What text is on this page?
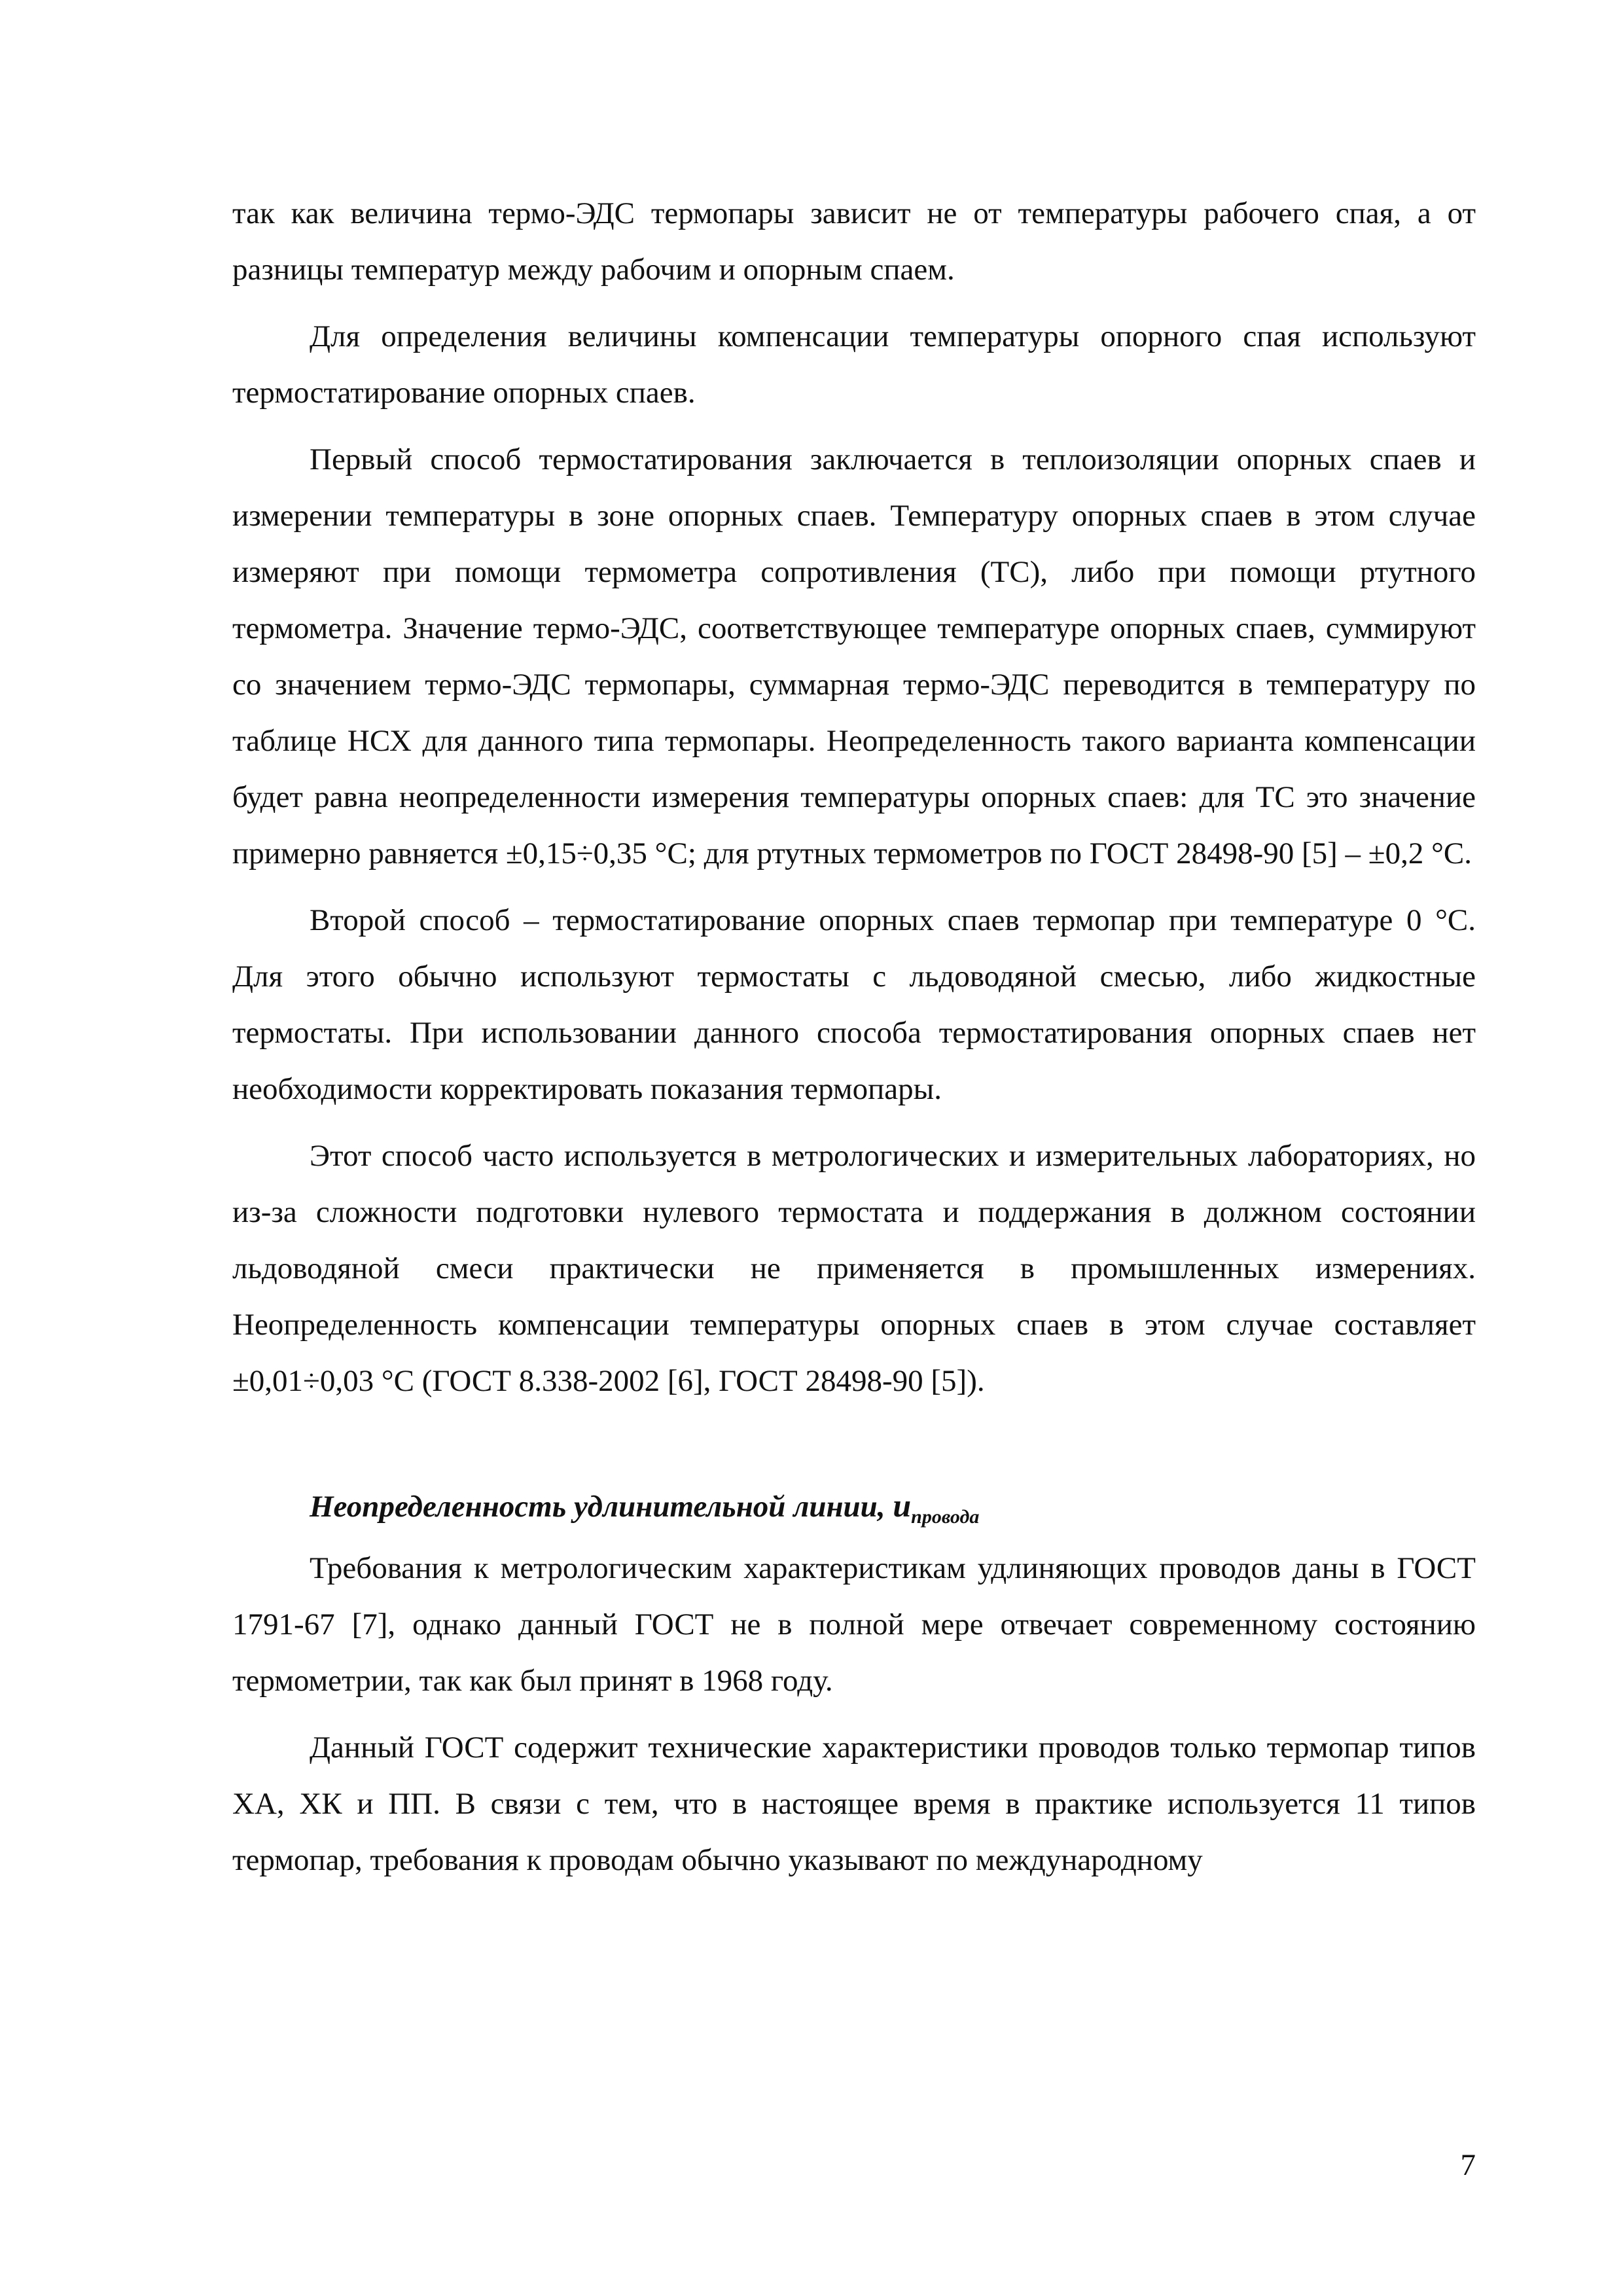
так как величина термо-ЭДС термопары зависит не от температуры рабочего спая, а от разницы температур между рабочим и опорным спаем.

Для определения величины компенсации температуры опорного спая используют термостатирование опорных спаев.

Первый способ термостатирования заключается в теплоизоляции опорных спаев и измерении температуры в зоне опорных спаев. Температуру опорных спаев в этом случае измеряют при помощи термометра сопротивления (ТС), либо при помощи ртутного термометра. Значение термо-ЭДС, соответствующее температуре опорных спаев, суммируют со значением термо-ЭДС термопары, суммарная термо-ЭДС переводится в температуру по таблице НСХ для данного типа термопары. Неопределенность такого варианта компенсации будет равна неопределенности измерения температуры опорных спаев: для ТС это значение примерно равняется ±0,15÷0,35 °С; для ртутных термометров по ГОСТ 28498-90 [5] – ±0,2 °С.

Второй способ – термостатирование опорных спаев термопар при температуре 0 °С. Для этого обычно используют термостаты с льдоводяной смесью, либо жидкостные термостаты. При использовании данного способа термостатирования опорных спаев нет необходимости корректировать показания термопары.

Этот способ часто используется в метрологических и измерительных лабораториях, но из-за сложности подготовки нулевого термостата и поддержания в должном состоянии льдоводяной смеси практически не применяется в промышленных измерениях. Неопределенность компенсации температуры опорных спаев в этом случае составляет ±0,01÷0,03 °С (ГОСТ 8.338-2002 [6], ГОСТ 28498-90 [5]).

Неопределенность удлинительной линии, $u_{провода}$

Требования к метрологическим характеристикам удлиняющих проводов даны в ГОСТ 1791-67 [7], однако данный ГОСТ не в полной мере отвечает современному состоянию термометрии, так как был принят в 1968 году.

Данный ГОСТ содержит технические характеристики проводов только термопар типов ХА, ХК и ПП. В связи с тем, что в настоящее время в практике используется 11 типов термопар, требования к проводам обычно указывают по международному

7
